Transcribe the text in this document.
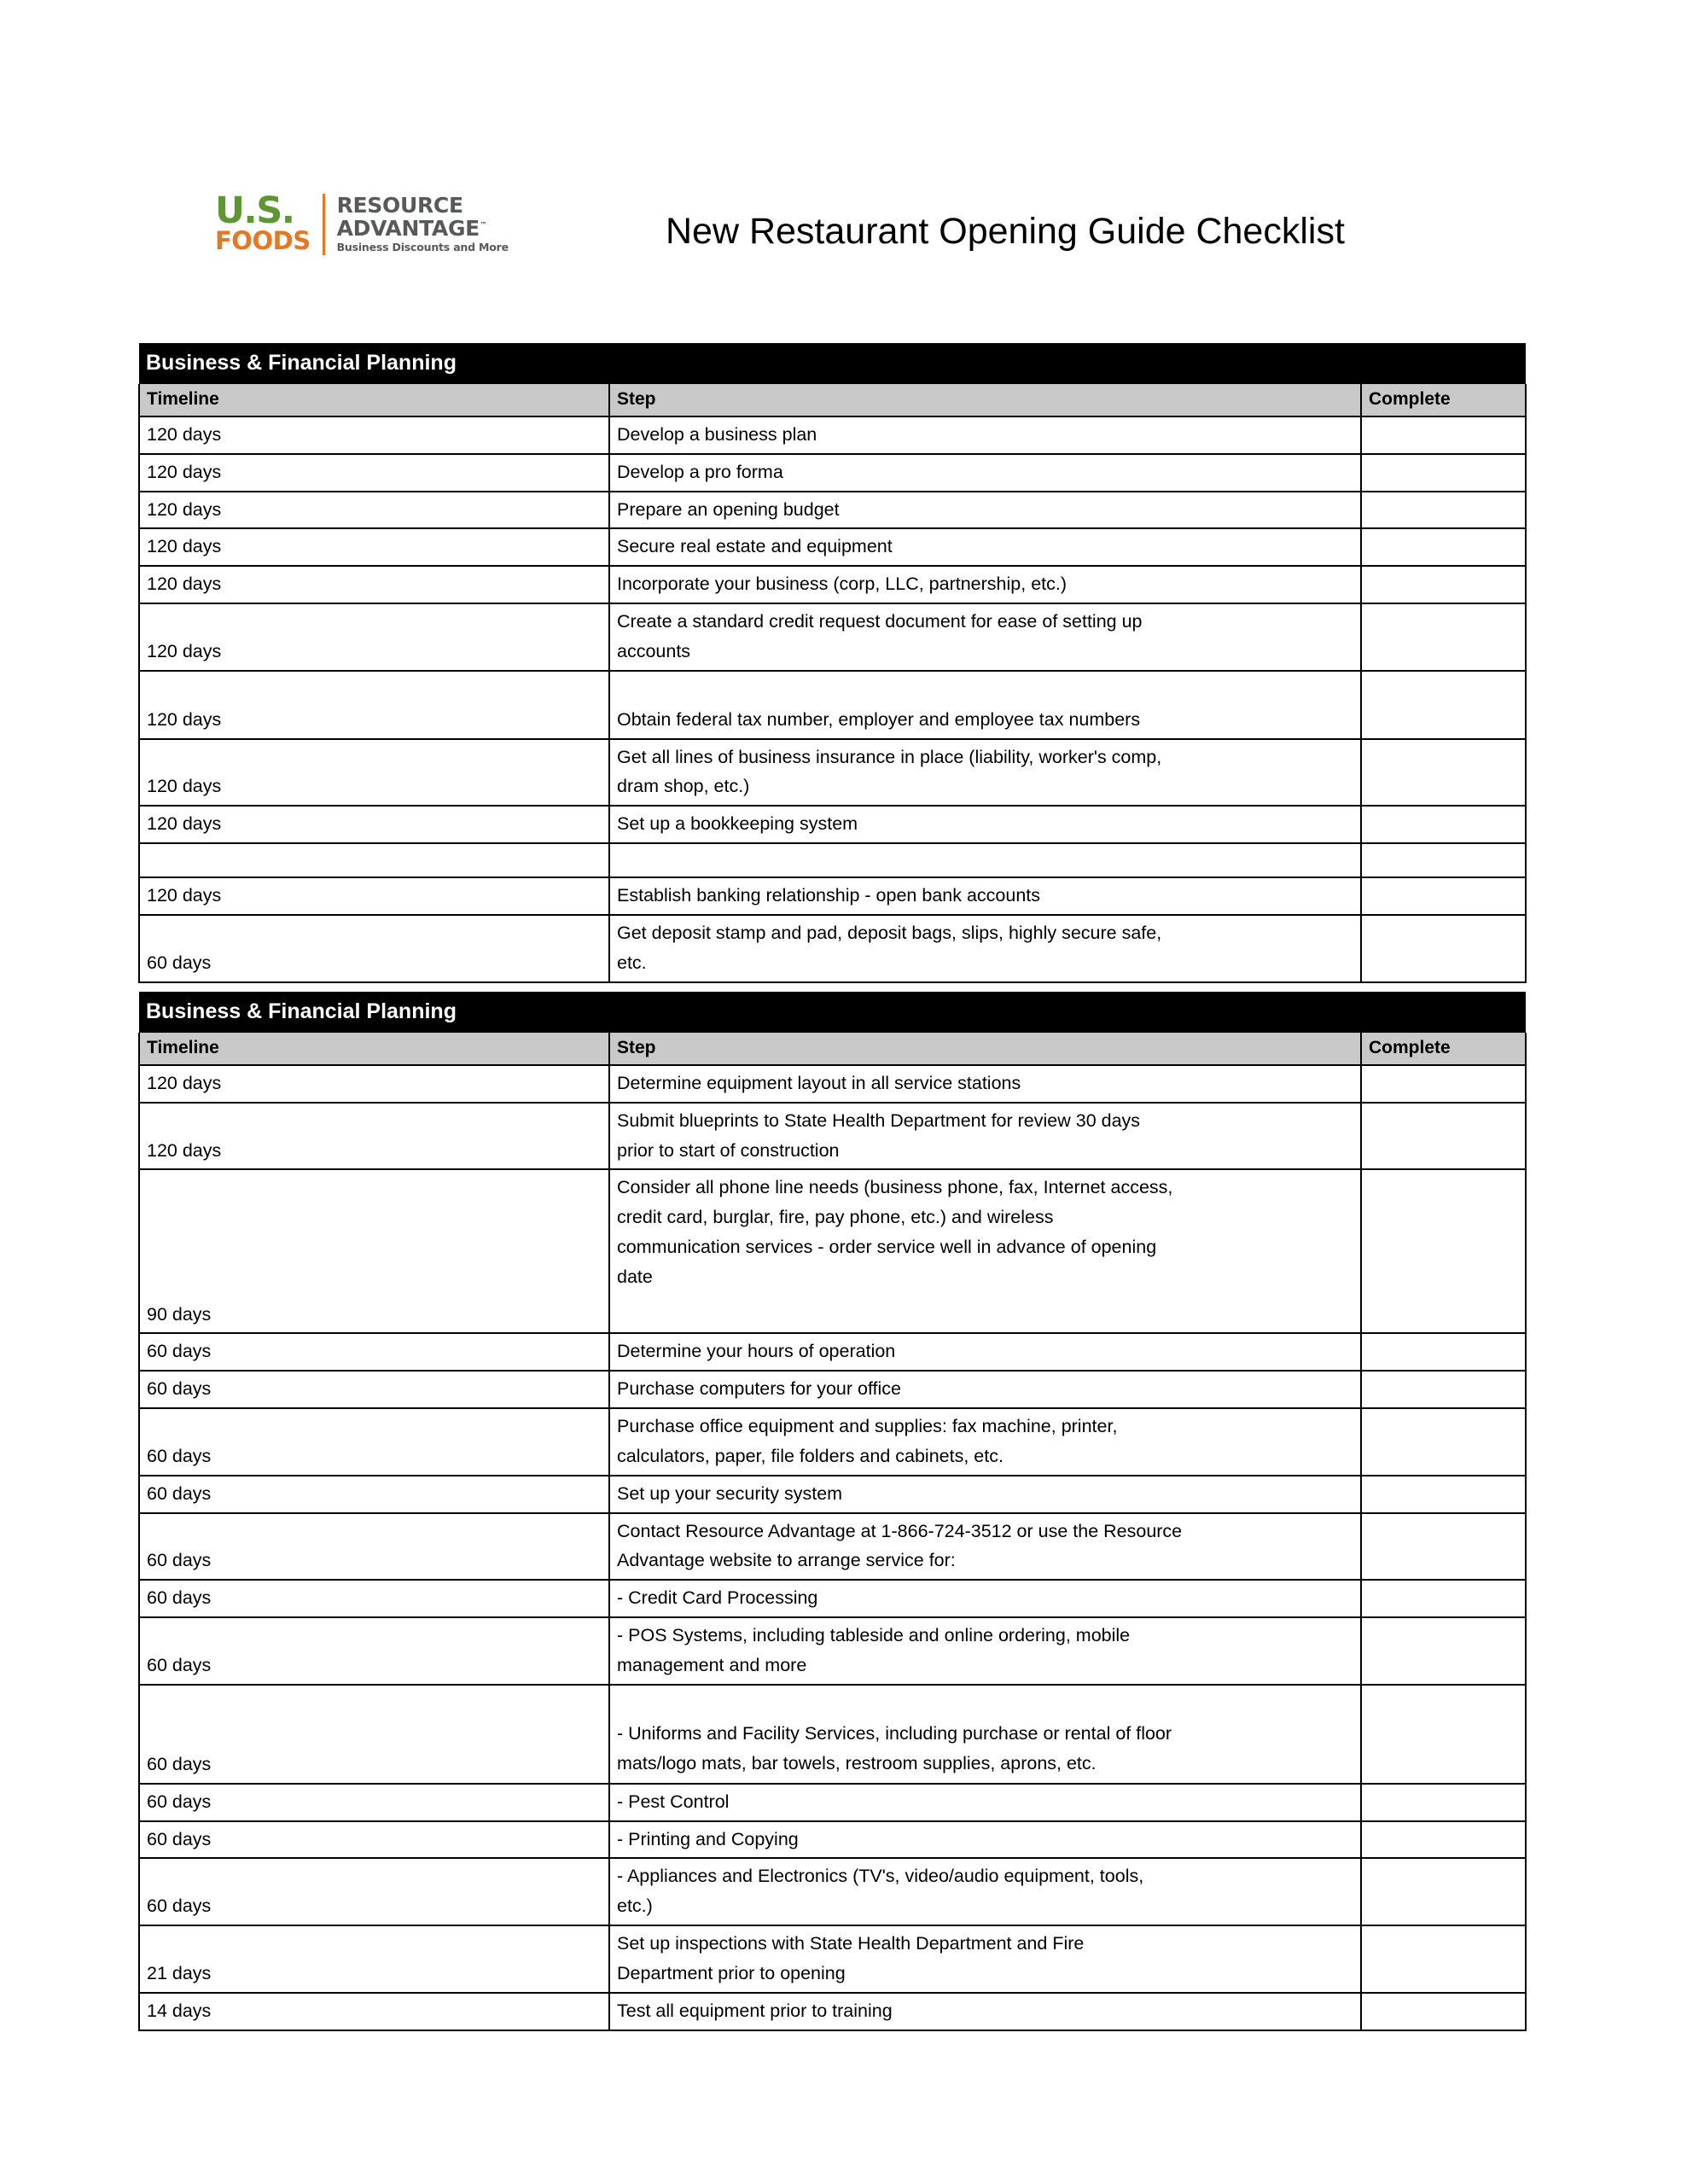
U.S.
FOODS
RESOURCE
ADVANTAGE™
Business Discounts and More	New Restaurant Opening Guide Checklist
Business & Financial Planning		
Timeline	Step	Complete
120 days	Develop a business plan	

120 days	Develop a pro forma	

120 days	Prepare an opening budget	

120 days	Secure real estate and equipment	

120 days	Incorporate your business (corp, LLC, partnership, etc.)	

120 days	Create a standard credit request document for ease of setting up
accounts	

120 days	Obtain federal tax number, employer and employee tax numbers	

120 days	Get all lines of business insurance in place (liability, worker's comp,
dram shop, etc.)	

120 days	Set up a bookkeeping system	

120 days	Establish banking relationship - open bank accounts	

60 days	Get deposit stamp and pad, deposit bags, slips, highly secure safe,
etc.	

Business & Financial Planning		
Timeline	Step	Complete
120 days	Determine equipment layout in all service stations	

120 days	Submit blueprints to State Health Department for review 30 days
prior to start of construction	

90 days	Consider all phone line needs (business phone, fax, Internet access,
credit card, burglar, fire, pay phone, etc.) and wireless
communication services - order service well in advance of opening
date	

60 days	Determine your hours of operation	

60 days	Purchase computers for your office	

60 days	Purchase office equipment and supplies: fax machine, printer,
calculators, paper, file folders and cabinets, etc.	

60 days	Set up your security system	

60 days	Contact Resource Advantage at 1-866-724-3512 or use the Resource
Advantage website to arrange service for:	

60 days	- Credit Card Processing	

60 days	- POS Systems, including tableside and online ordering, mobile
management and more	

60 days	- Uniforms and Facility Services, including purchase or rental of floor
mats/logo mats, bar towels, restroom supplies, aprons, etc.	

60 days	- Pest Control	

60 days	- Printing and Copying	

60 days	- Appliances and Electronics (TV's, video/audio equipment, tools,
etc.)	

21 days	Set up inspections with State Health Department and Fire
Department prior to opening	

14 days	Test all equipment prior to training	
